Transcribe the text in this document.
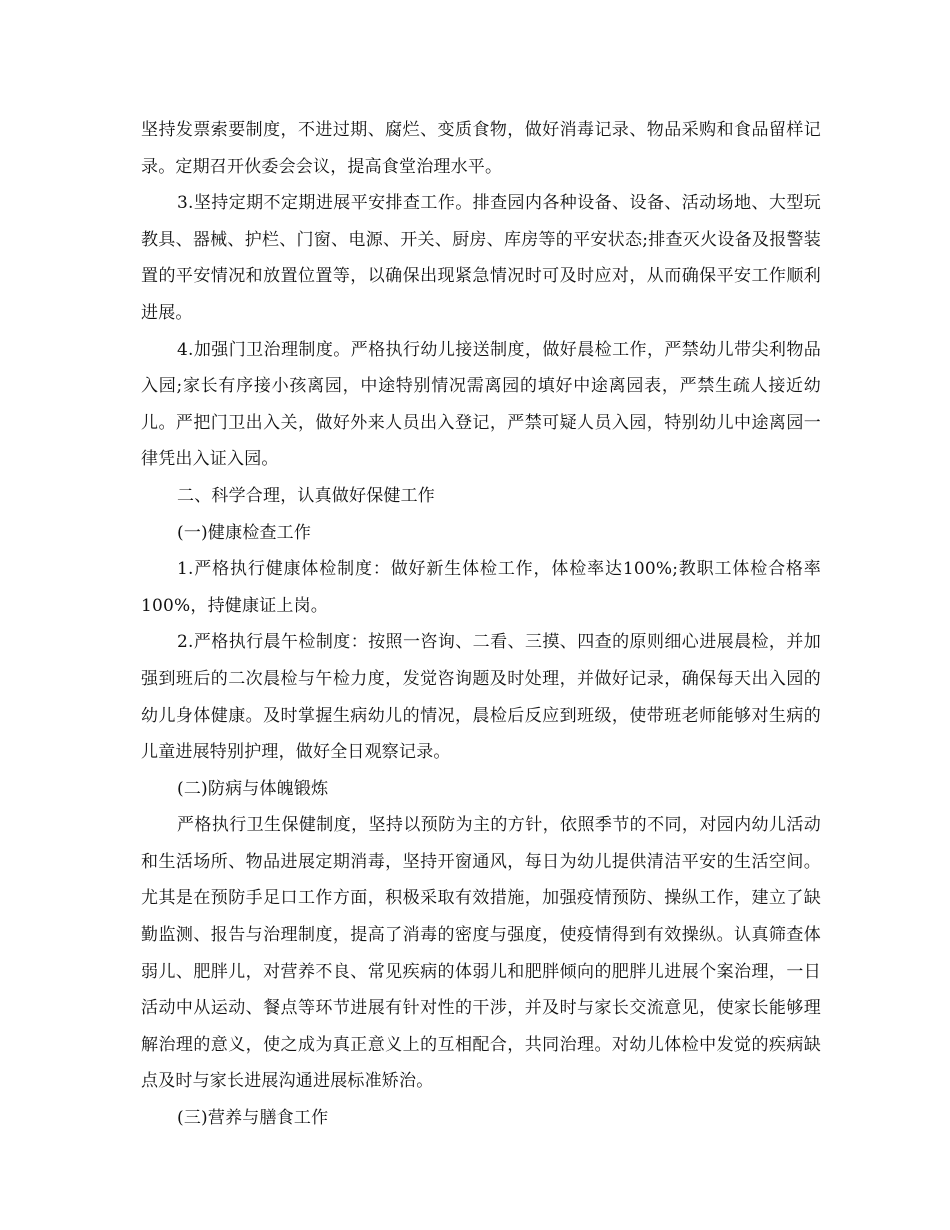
坚持发票索要制度，不进过期、腐烂、变质食物，做好消毒记录、物品采购和食品留样记录。定期召开伙委会会议，提高食堂治理水平。

3.坚持定期不定期进展平安排查工作。排查园内各种设备、设备、活动场地、大型玩教具、器械、护栏、门窗、电源、开关、厨房、库房等的平安状态;排查灭火设备及报警装置的平安情况和放置位置等，以确保出现紧急情况时可及时应对，从而确保平安工作顺利进展。

4.加强门卫治理制度。严格执行幼儿接送制度，做好晨检工作，严禁幼儿带尖利物品入园;家长有序接小孩离园，中途特别情况需离园的填好中途离园表，严禁生疏人接近幼儿。严把门卫出入关，做好外来人员出入登记，严禁可疑人员入园，特别幼儿中途离园一律凭出入证入园。

二、科学合理，认真做好保健工作

(一)健康检查工作

1.严格执行健康体检制度：做好新生体检工作，体检率达100%;教职工体检合格率100%，持健康证上岗。

2.严格执行晨午检制度：按照一咨询、二看、三摸、四查的原则细心进展晨检，并加强到班后的二次晨检与午检力度，发觉咨询题及时处理，并做好记录，确保每天出入园的幼儿身体健康。及时掌握生病幼儿的情况，晨检后反应到班级，使带班老师能够对生病的儿童进展特别护理，做好全日观察记录。

(二)防病与体魄锻炼

严格执行卫生保健制度，坚持以预防为主的方针，依照季节的不同，对园内幼儿活动和生活场所、物品进展定期消毒，坚持开窗通风，每日为幼儿提供清洁平安的生活空间。尤其是在预防手足口工作方面，积极采取有效措施，加强疫情预防、操纵工作，建立了缺勤监测、报告与治理制度，提高了消毒的密度与强度，使疫情得到有效操纵。认真筛查体弱儿、肥胖儿，对营养不良、常见疾病的体弱儿和肥胖倾向的肥胖儿进展个案治理，一日活动中从运动、餐点等环节进展有针对性的干涉，并及时与家长交流意见，使家长能够理解治理的意义，使之成为真正意义上的互相配合，共同治理。对幼儿体检中发觉的疾病缺点及时与家长进展沟通进展标准矫治。

(三)营养与膳食工作
